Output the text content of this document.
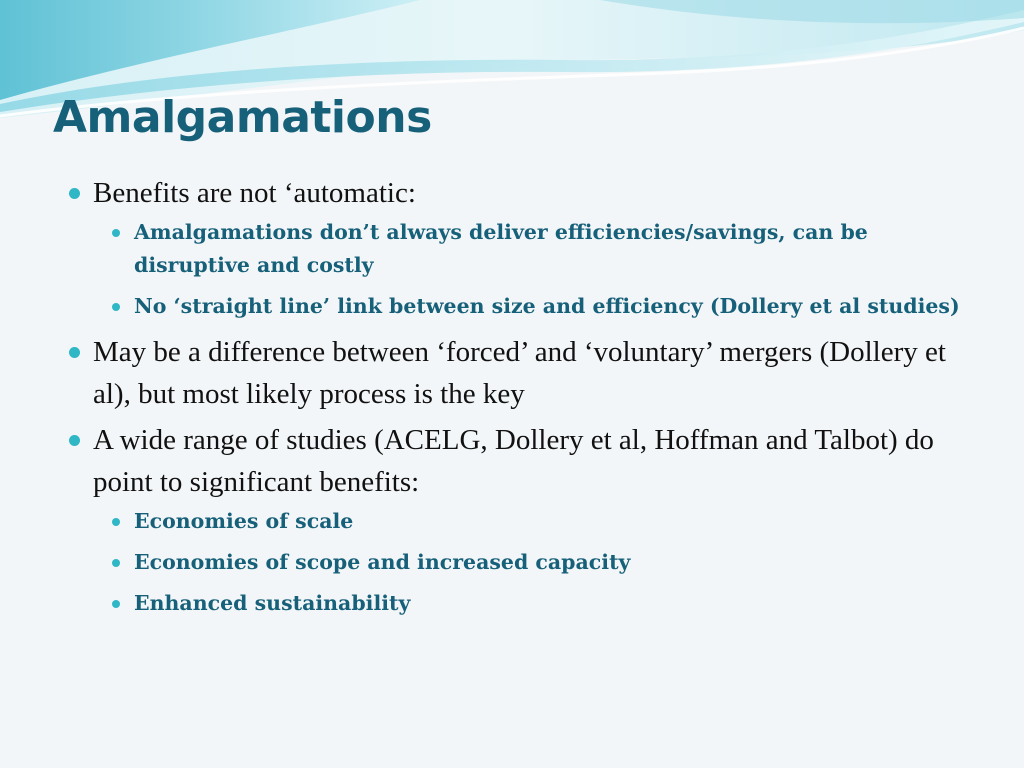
Amalgamations
Benefits are not ‘automatic:
Amalgamations don’t always deliver efficiencies/savings, can be disruptive and costly
No ‘straight line’ link between size and efficiency (Dollery et al studies)
May be a difference between ‘forced’ and ‘voluntary’ mergers (Dollery et al), but most likely process is the key
A wide range of studies (ACELG, Dollery et al, Hoffman and Talbot) do point to significant benefits:
Economies of scale
Economies of scope and increased capacity
Enhanced sustainability
